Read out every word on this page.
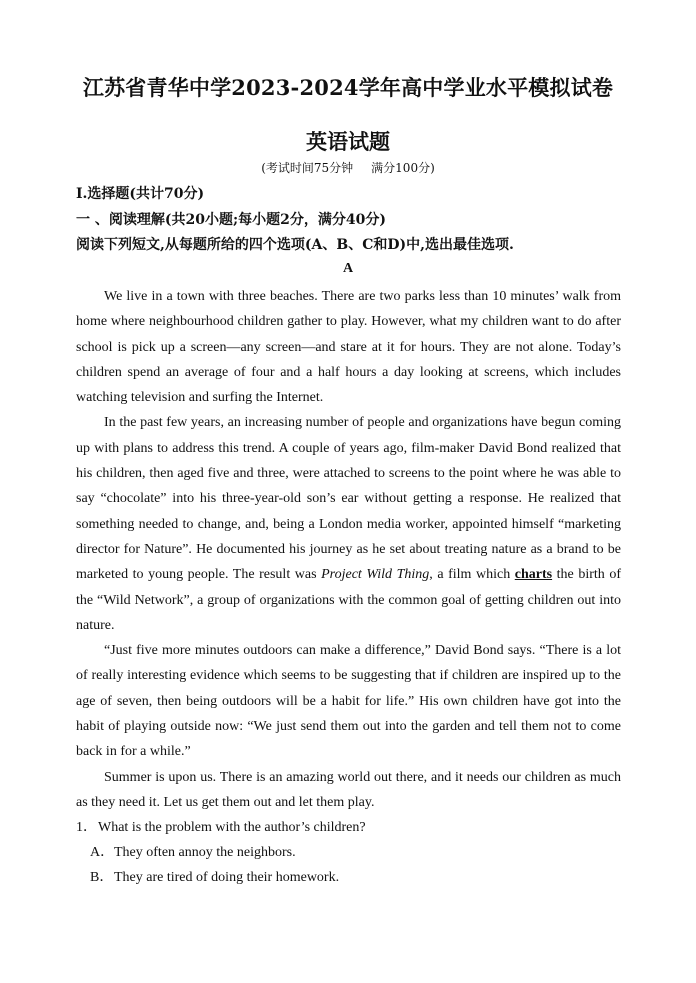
江苏省青华中学2023-2024学年高中学业水平模拟试卷
英语试题
(考试时间75分钟 满分100分)
I.选择题(共计70分)
一 、阅读理解(共20小题;每小题2分，满分40分)
阅读下列短文,从每题所给的四个选项(A、B、C和D)中,选出最佳选项.
A

We live in a town with three beaches. There are two parks less than 10 minutes’ walk from home where neighbourhood children gather to play. However, what my children want to do after school is pick up a screen—any screen—and stare at it for hours. They are not alone. Today’s children spend an average of four and a half hours a day looking at screens, which includes watching television and surfing the Internet.

In the past few years, an increasing number of people and organizations have begun coming up with plans to address this trend. A couple of years ago, film-maker David Bond realized that his children, then aged five and three, were attached to screens to the point where he was able to say “chocolate” into his three-year-old son’s ear without getting a response. He realized that something needed to change, and, being a London media worker, appointed himself “marketing director for Nature”. He documented his journey as he set about treating nature as a brand to be marketed to young people. The result was Project Wild Thing, a film which charts the birth of the “Wild Network”, a group of organizations with the common goal of getting children out into nature.

“Just five more minutes outdoors can make a difference,” David Bond says. “There is a lot of really interesting evidence which seems to be suggesting that if children are inspired up to the age of seven, then being outdoors will be a habit for life.” His own children have got into the habit of playing outside now: “We just send them out into the garden and tell them not to come back in for a while.”

Summer is upon us. There is an amazing world out there, and it needs our children as much as they need it. Let us get them out and let them play.

1．What is the problem with the author’s children?
A．They often annoy the neighbors.
B．They are tired of doing their homework.
